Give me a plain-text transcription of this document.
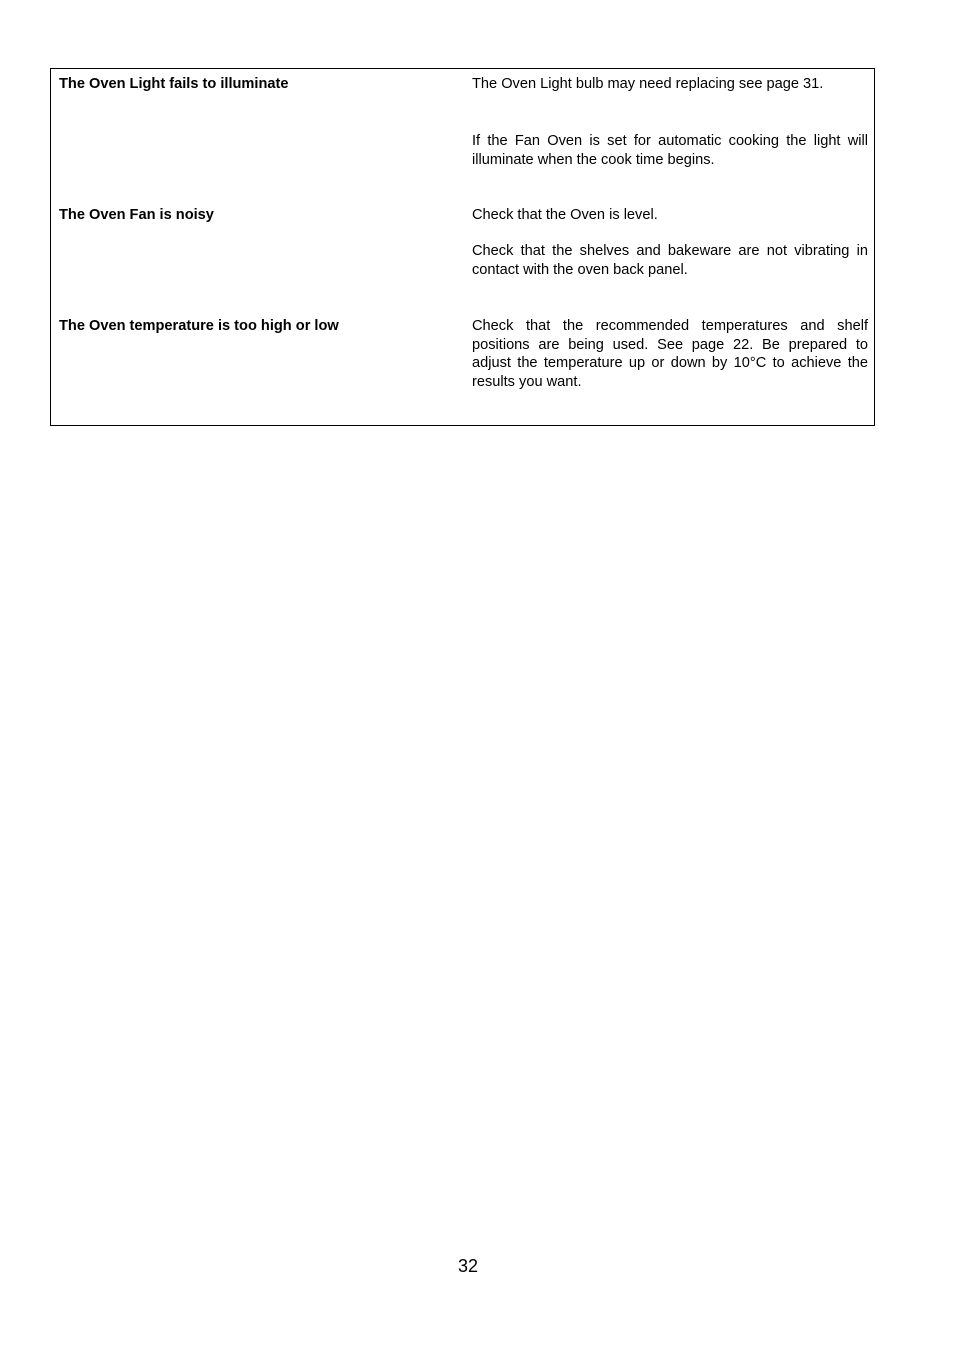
The Oven Light fails to illuminate	The Oven Light bulb may need replacing see page 31.

If the Fan Oven is set for automatic cooking the light will illuminate when the cook time begins.

The Oven Fan is noisy	Check that the Oven is level.

Check that the shelves and bakeware are not vibrating in contact with the oven back panel.

The Oven temperature is too high or low	Check that the recommended temperatures and shelf positions are being used. See page 22. Be prepared to adjust the temperature up or down by 10°C to achieve the results you want.

32
